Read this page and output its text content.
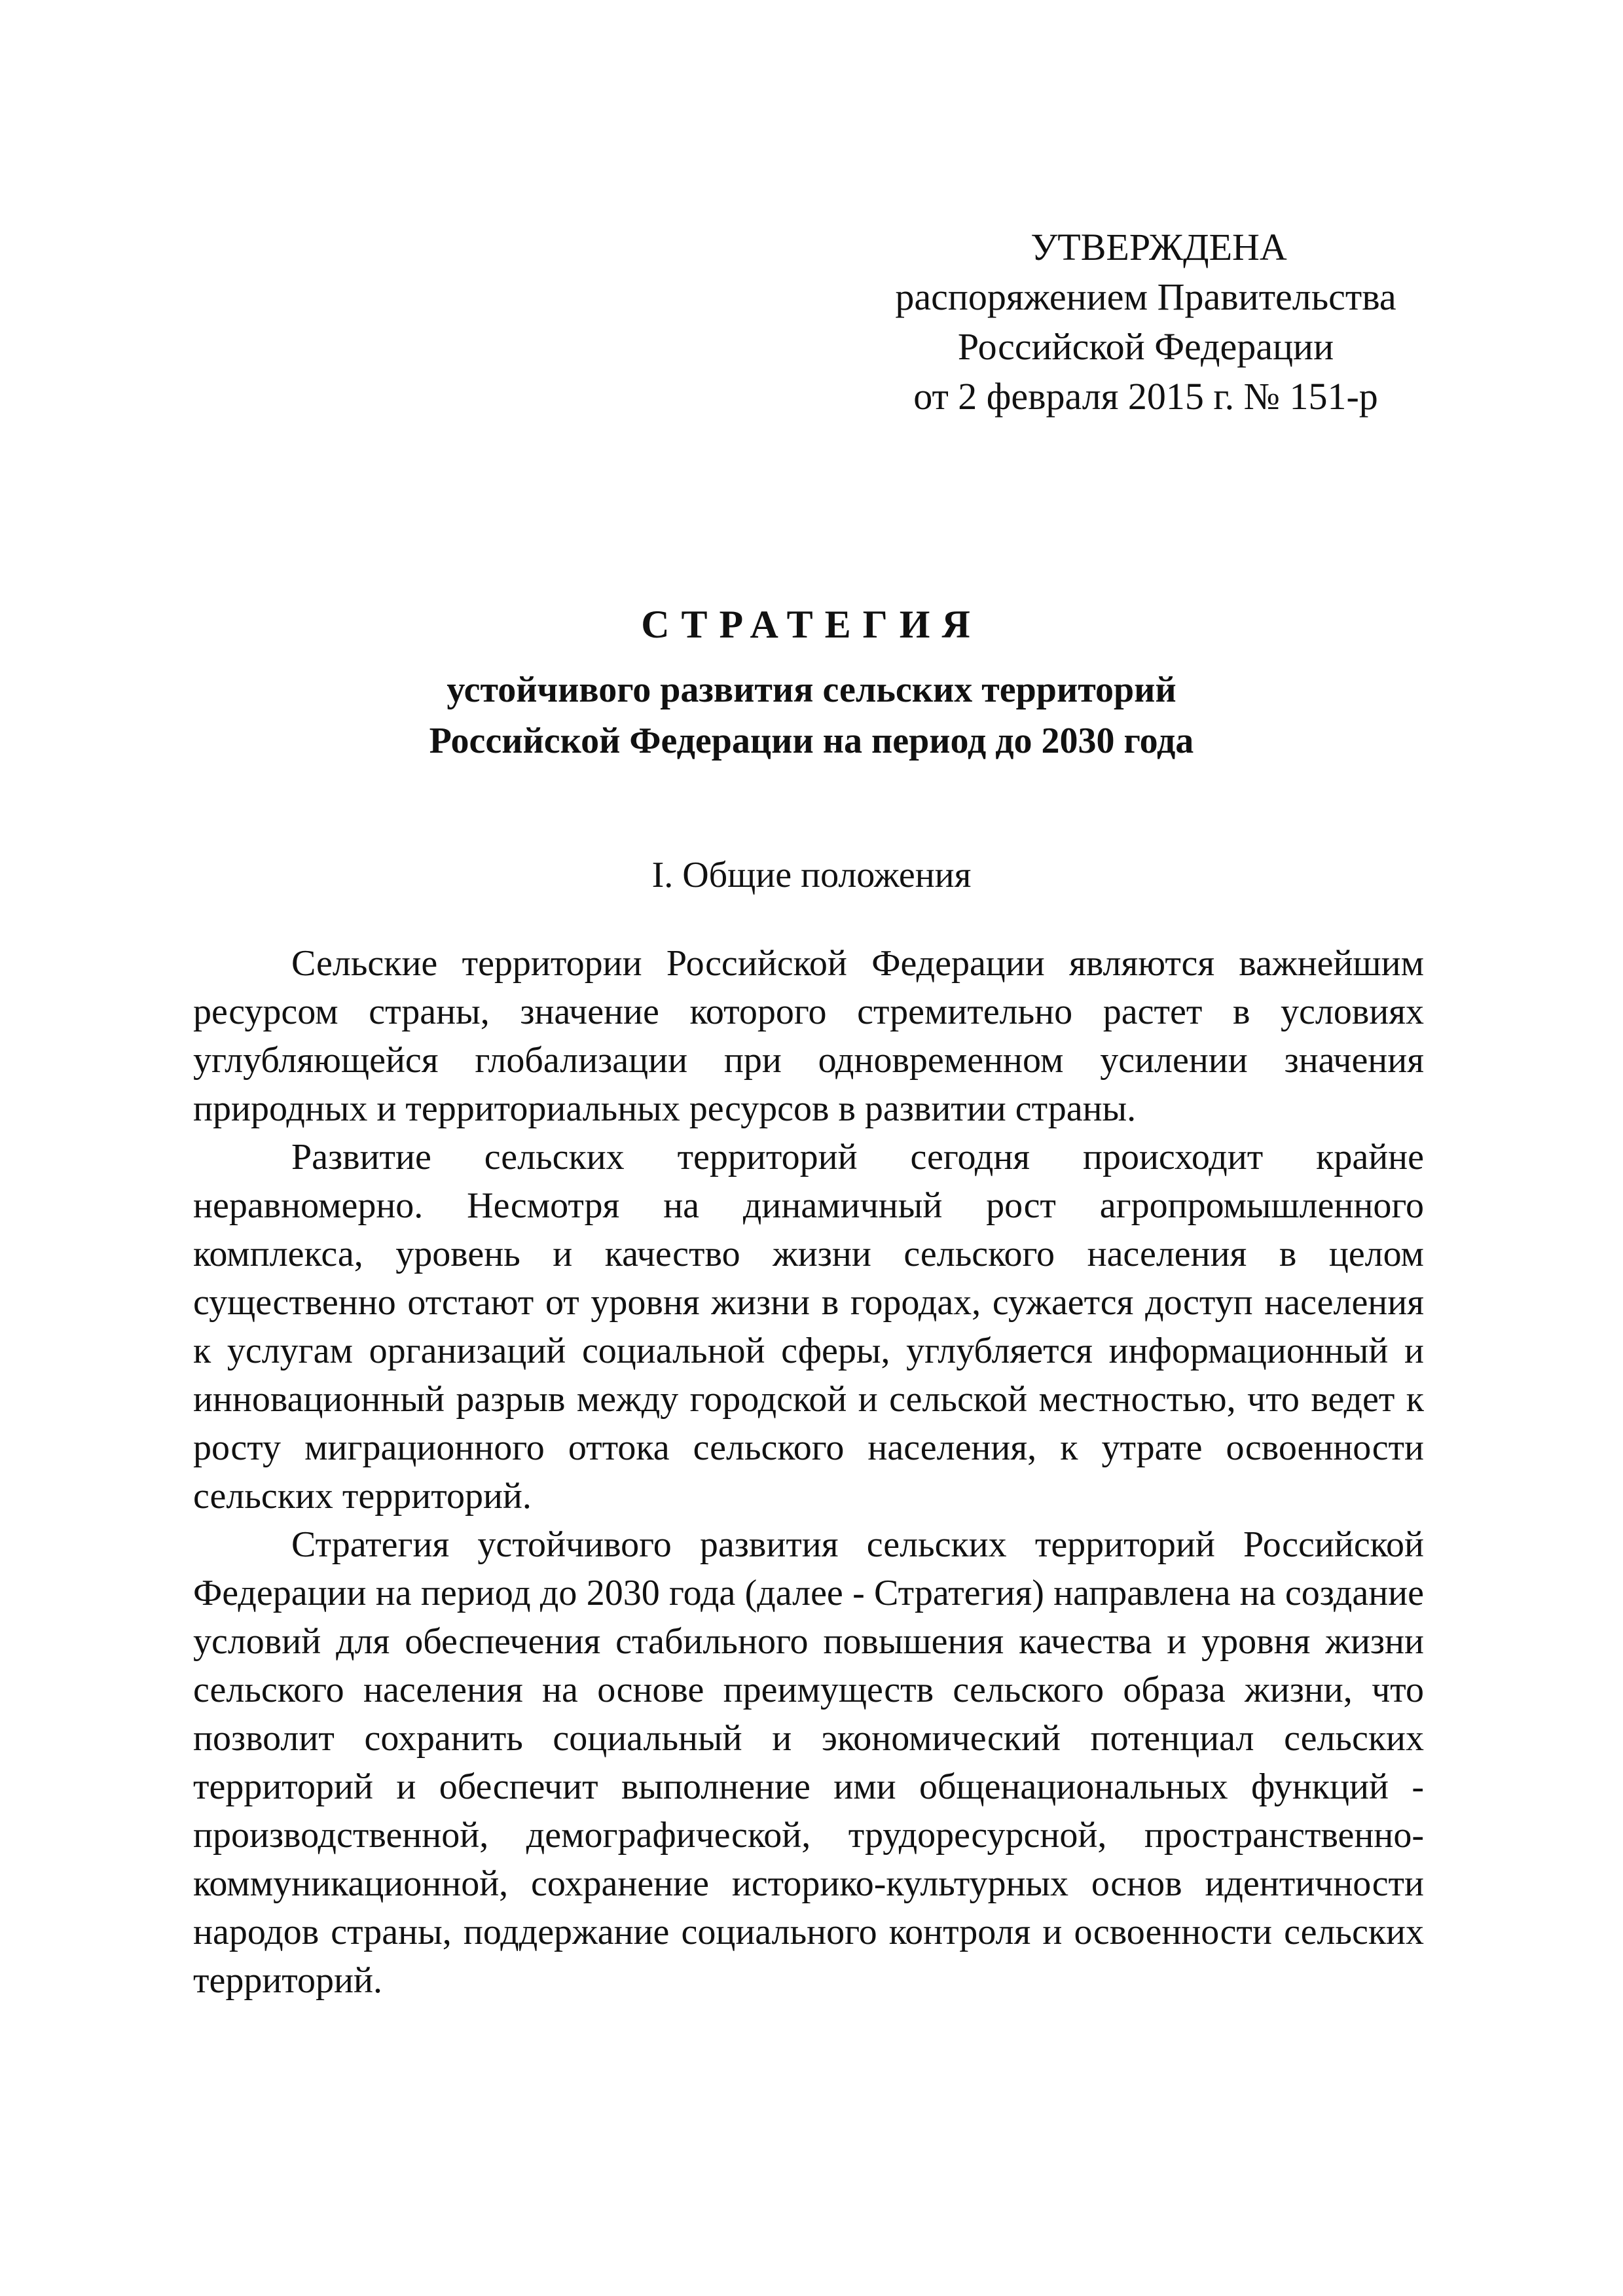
УТВЕРЖДЕНА
распоряжением Правительства
Российской Федерации
от 2 февраля 2015 г. № 151-р
СТРАТЕГИЯ
устойчивого развития сельских территорий
Российской Федерации на период до 2030 года
I. Общие положения

Сельские территории Российской Федерации являются важнейшим ресурсом страны, значение которого стремительно растет в условиях углубляющейся глобализации при одновременном усилении значения природных и территориальных ресурсов в развитии страны.

Развитие сельских территорий сегодня происходит крайне неравномерно. Несмотря на динамичный рост агропромышленного комплекса, уровень и качество жизни сельского населения в целом существенно отстают от уровня жизни в городах, сужается доступ населения к услугам организаций социальной сферы, углубляется информационный и инновационный разрыв между городской и сельской местностью, что ведет к росту миграционного оттока сельского населения, к утрате освоенности сельских территорий.

Стратегия устойчивого развития сельских территорий Российской Федерации на период до 2030 года (далее - Стратегия) направлена на создание условий для обеспечения стабильного повышения качества и уровня жизни сельского населения на основе преимуществ сельского образа жизни, что позволит сохранить социальный и экономический потенциал сельских территорий и обеспечит выполнение ими общенациональных функций - производственной, демографической, трудоресурсной, пространственно-коммуникационной, сохранение историко-культурных основ идентичности народов страны, поддержание социального контроля и освоенности сельских территорий.
